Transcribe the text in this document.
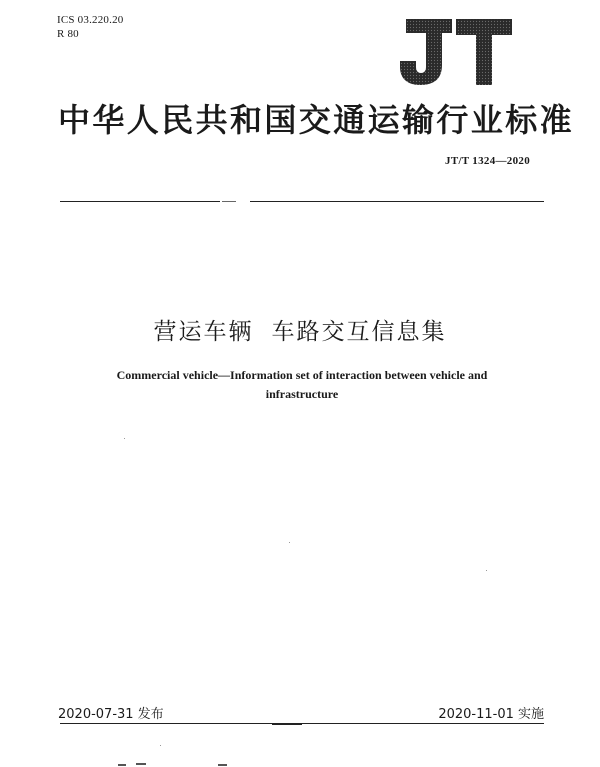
ICS 03.220.20
R 80
中华人民共和国交通运输行业标准
JT/T 1324—2020
营运车辆 车路交互信息集
Commercial vehicle—Information set of interaction between vehicle and
infrastructure
2020-07-31 发布	2020-11-01 实施
